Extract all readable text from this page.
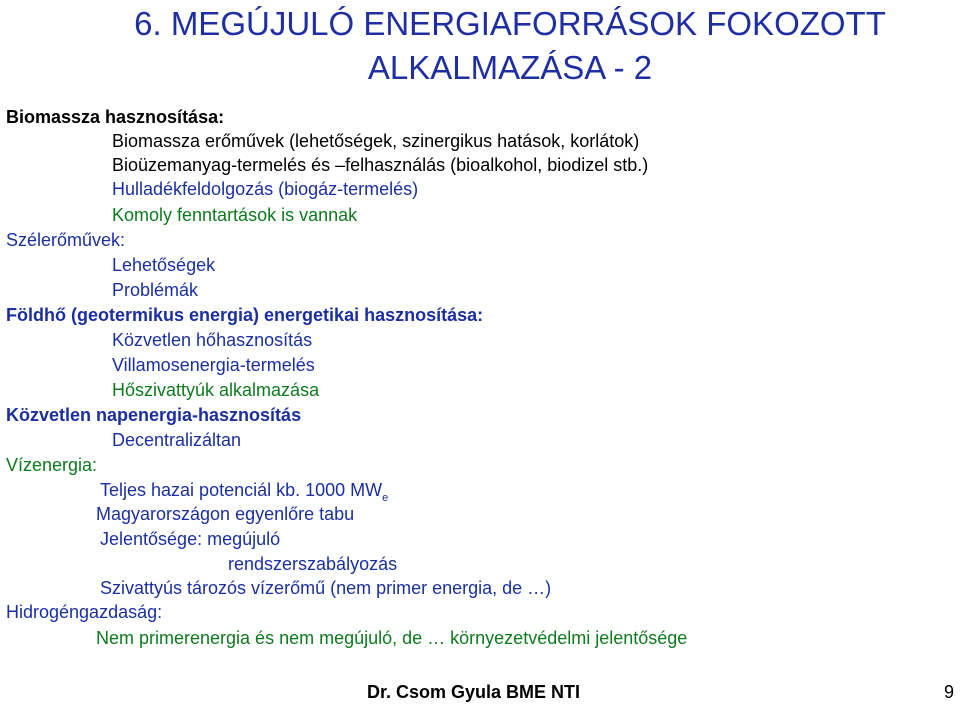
6. MEGÚJULÓ ENERGIAFORRÁSOK FOKOZOTT
ALKALMAZÁSA - 2
Biomassza hasznosítása:
Biomassza erőművek (lehetőségek, szinergikus hatások, korlátok)
Bioüzemanyag-termelés és –felhasználás (bioalkohol, biodizel stb.)
Hulladékfeldolgozás (biogáz-termelés)
Komoly fenntartások is vannak
Szélerőművek:
Lehetőségek
Problémák
Földhő (geotermikus energia) energetikai hasznosítása:
Közvetlen hőhasznosítás
Villamosenergia-termelés
Hőszivattyúk alkalmazása
Közvetlen napenergia-hasznosítás
Decentralizáltan
Vízenergia:
Teljes hazai potenciál kb. 1000 $MW_e$
Magyarországon egyenlőre tabu
Jelentősége: megújuló
rendszerszabályozás
Szivattyús tározós vízerőmű (nem primer energia, de …)
Hidrogéngazdaság:
Nem primerenergia és nem megújuló, de … környezetvédelmi jelentősége
Dr. Csom Gyula BME NTI	9
